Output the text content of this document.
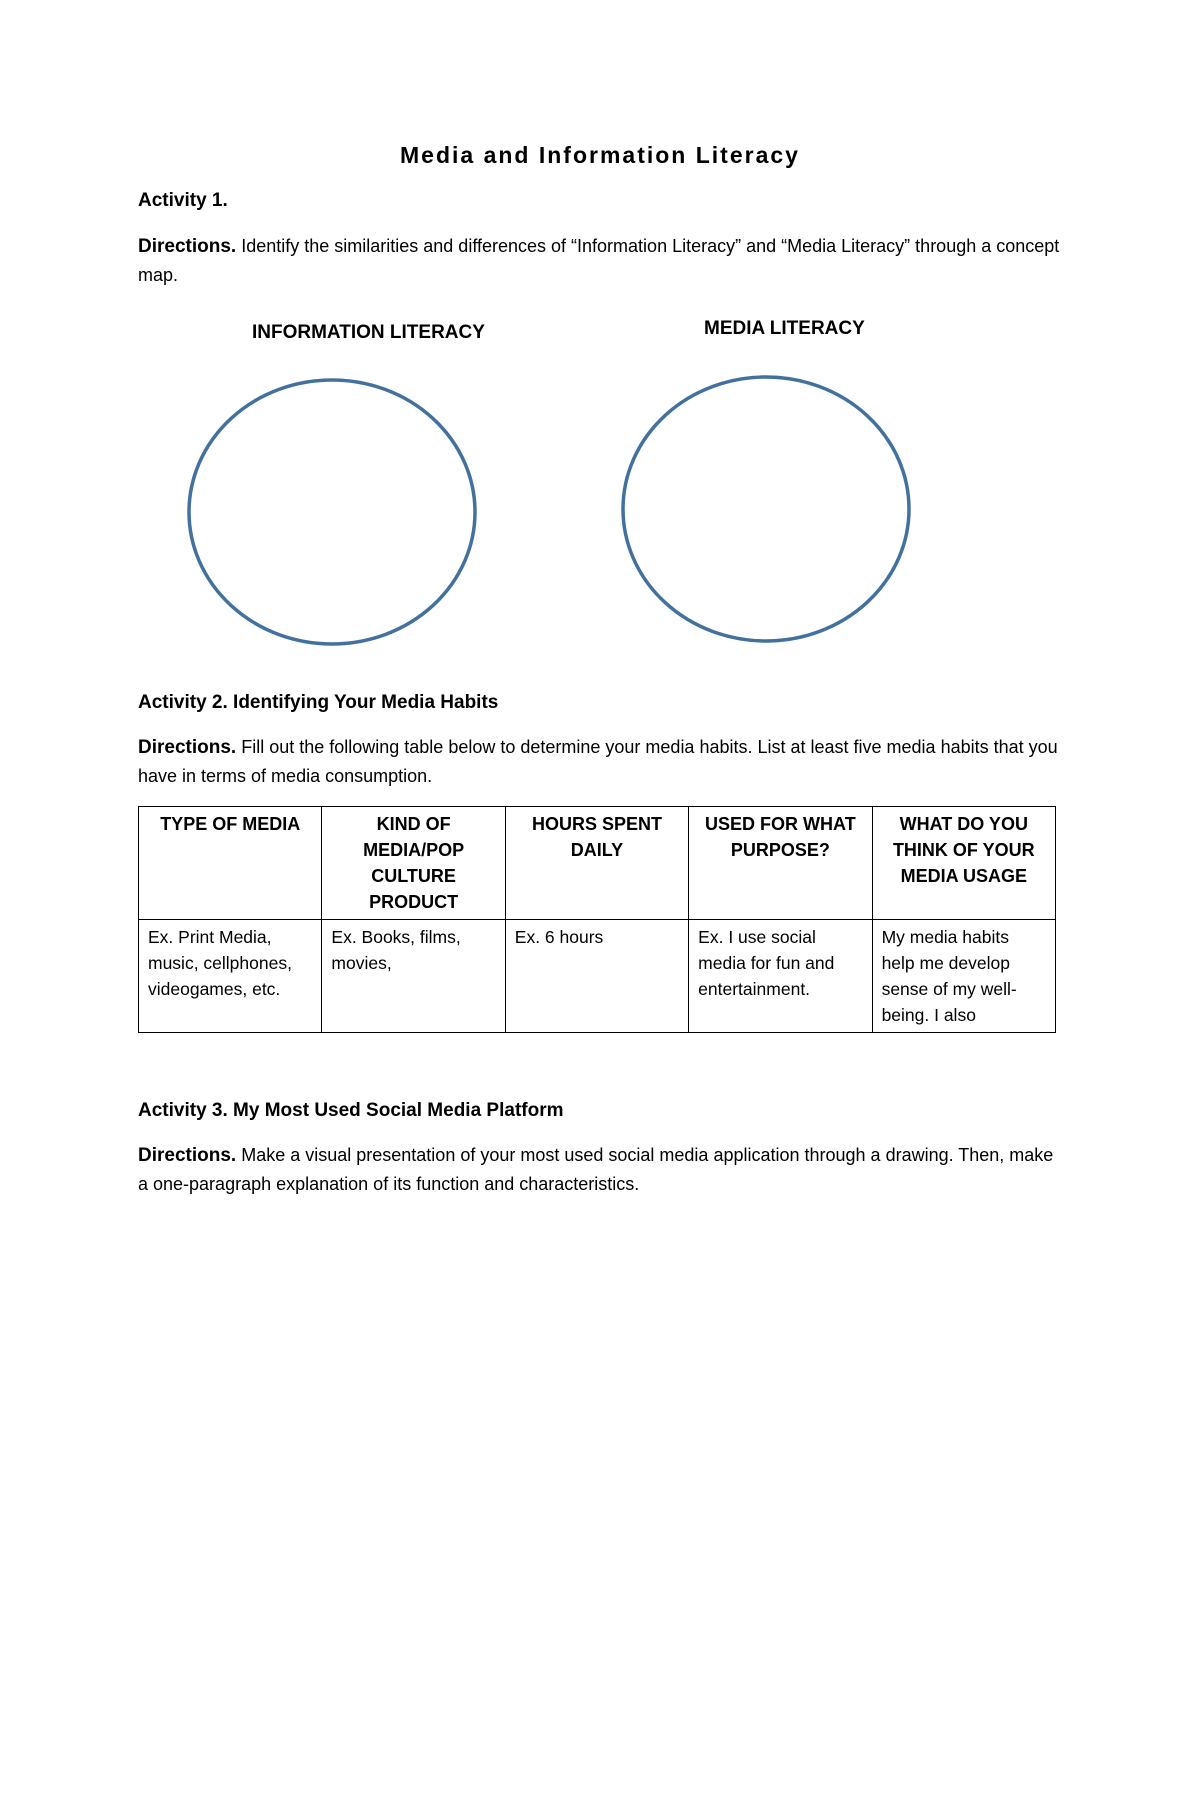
Media and Information Literacy
Activity 1.

Directions. Identify the similarities and differences of “Information Literacy” and “Media Literacy” through a concept map.

INFORMATION LITERACY	MEDIA LITERACY

Activity 2. Identifying Your Media Habits

Directions. Fill out the following table below to determine your media habits. List at least five media habits that you have in terms of media consumption.

TYPE OF MEDIA	KIND OF MEDIA/POP CULTURE PRODUCT	HOURS SPENT DAILY	USED FOR WHAT PURPOSE?	WHAT DO YOU THINK OF YOUR MEDIA USAGE
Ex. Print Media, music, cellphones, videogames, etc.	Ex. Books, films, movies,	Ex. 6 hours	Ex. I use social media for fun and entertainment.	My media habits help me develop sense of my well-being. I also
Activity 3. My Most Used Social Media Platform

Directions. Make a visual presentation of your most used social media application through a drawing. Then, make a one-paragraph explanation of its function and characteristics.
